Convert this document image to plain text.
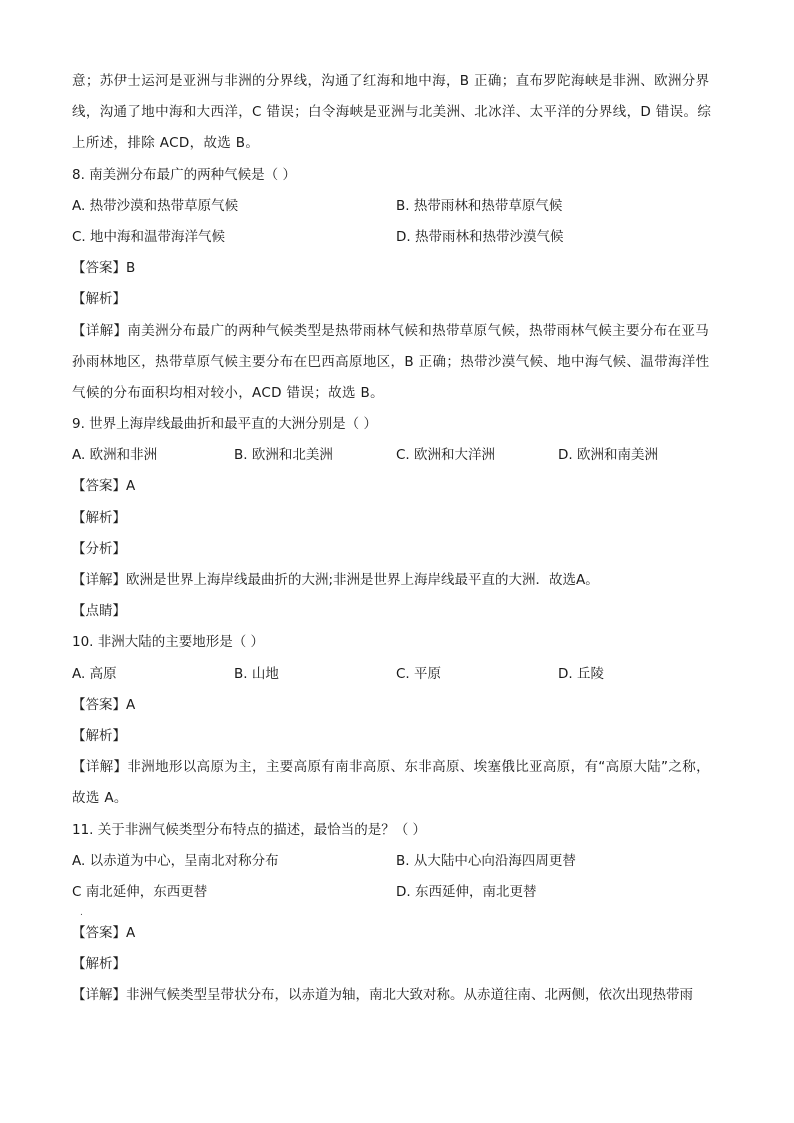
意；苏伊士运河是亚洲与非洲的分界线，沟通了红海和地中海，B 正确；直布罗陀海峡是非洲、欧洲分界
线，沟通了地中海和大西洋，C 错误；白令海峡是亚洲与北美洲、北冰洋、太平洋的分界线，D 错误。综
上所述，排除 ACD，故选 B。
8. 南美洲分布最广的两种气候是（ ）
A. 热带沙漠和热带草原气候	B. 热带雨林和热带草原气候
C. 地中海和温带海洋气候	D. 热带雨林和热带沙漠气候
【答案】B
【解析】
【详解】南美洲分布最广的两种气候类型是热带雨林气候和热带草原气候，热带雨林气候主要分布在亚马
孙雨林地区，热带草原气候主要分布在巴西高原地区，B 正确；热带沙漠气候、地中海气候、温带海洋性
气候的分布面积均相对较小，ACD 错误；故选 B。
9. 世界上海岸线最曲折和最平直的大洲分别是（ ）
A. 欧洲和非洲	B. 欧洲和北美洲	C. 欧洲和大洋洲	D. 欧洲和南美洲
【答案】A
【解析】
【分析】
【详解】欧洲是世界上海岸线最曲折的大洲;非洲是世界上海岸线最平直的大洲．故选A。
【点睛】
10. 非洲大陆的主要地形是（ ）
A. 高原	B. 山地	C. 平原	D. 丘陵
【答案】A
【解析】
【详解】非洲地形以高原为主，主要高原有南非高原、东非高原、埃塞俄比亚高原，有“高原大陆”之称，
故选 A。
11. 关于非洲气候类型分布特点的描述，最恰当的是？（ ）
A. 以赤道为中心，呈南北对称分布	B. 从大陆中心向沿海四周更替
C 南北延伸，东西更替	D. 东西延伸，南北更替
.
【答案】A
【解析】
【详解】非洲气候类型呈带状分布，以赤道为轴，南北大致对称。从赤道往南、北两侧，依次出现热带雨
